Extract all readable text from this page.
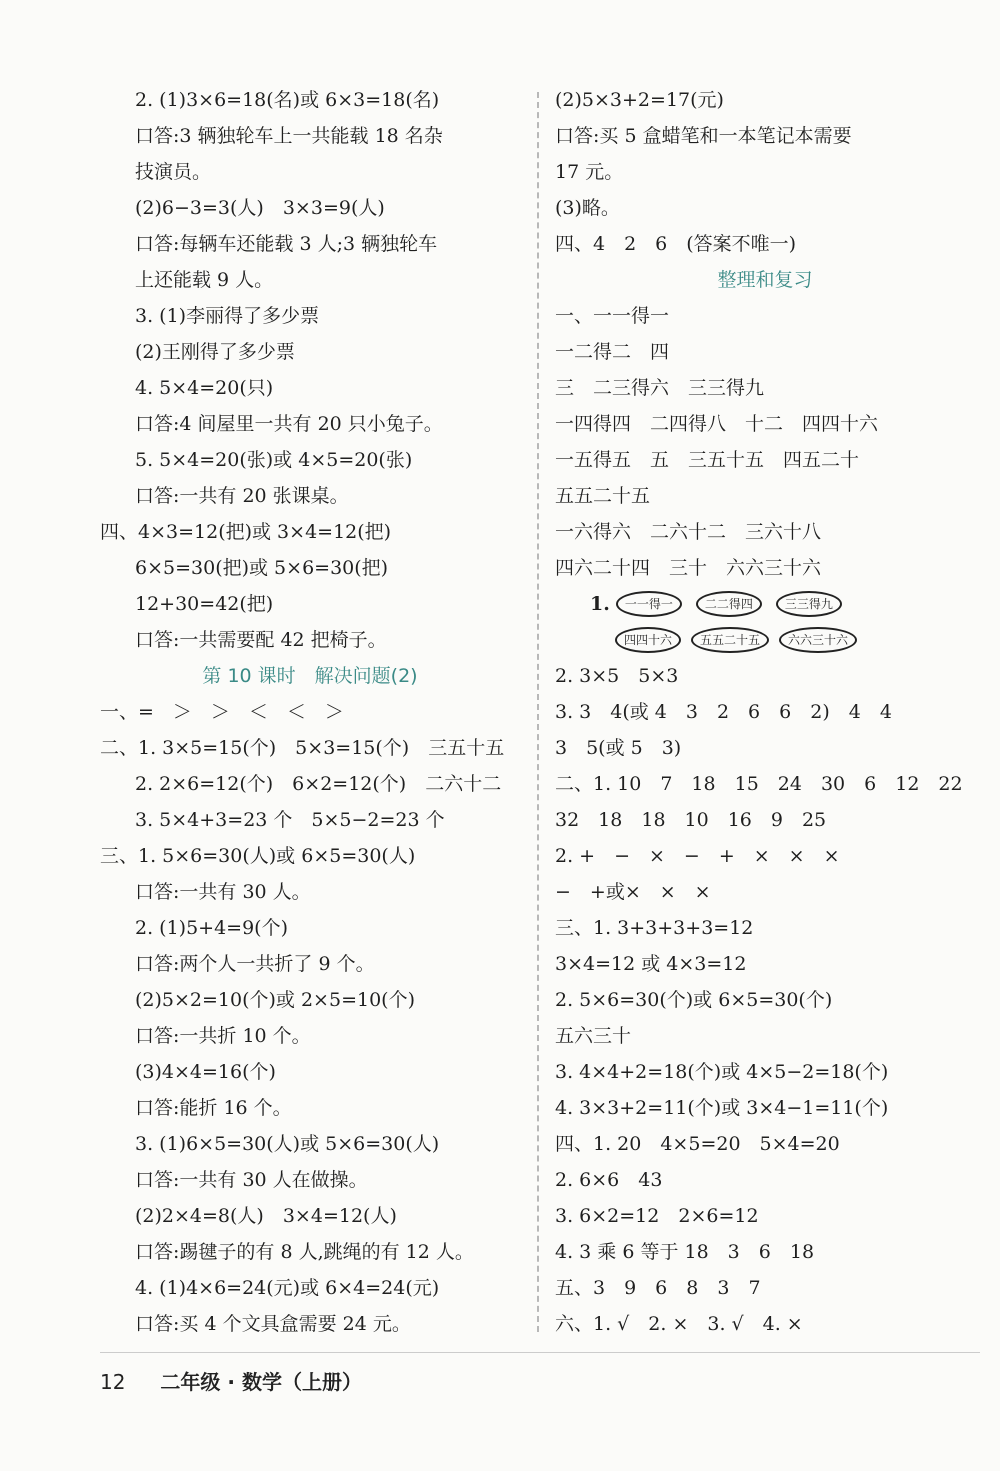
2. (1)3×6=18(名)或 6×3=18(名)
口答:3 辆独轮车上一共能载 18 名杂
技演员。
(2)6−3=3(人)　3×3=9(人)
口答:每辆车还能载 3 人;3 辆独轮车
上还能载 9 人。
3. (1)李丽得了多少票
(2)王刚得了多少票
4. 5×4=20(只)
口答:4 间屋里一共有 20 只小兔子。
5. 5×4=20(张)或 4×5=20(张)
口答:一共有 20 张课桌。
四、4×3=12(把)或 3×4=12(把)
6×5=30(把)或 5×6=30(把)
12+30=42(把)
口答:一共需要配 42 把椅子。
第 10 课时　解决问题(2)
一、=　＞　＞　＜　＜　＞
二、1. 3×5=15(个)　5×3=15(个)　三五十五
2. 2×6=12(个)　6×2=12(个)　二六十二
3. 5×4+3=23 个　5×5−2=23 个
三、1. 5×6=30(人)或 6×5=30(人)
口答:一共有 30 人。
2. (1)5+4=9(个)
口答:两个人一共折了 9 个。
(2)5×2=10(个)或 2×5=10(个)
口答:一共折 10 个。
(3)4×4=16(个)
口答:能折 16 个。
3. (1)6×5=30(人)或 5×6=30(人)
口答:一共有 30 人在做操。
(2)2×4=8(人)　3×4=12(人)
口答:踢毽子的有 8 人,跳绳的有 12 人。
4. (1)4×6=24(元)或 6×4=24(元)
口答:买 4 个文具盒需要 24 元。
(2)5×3+2=17(元)
口答:买 5 盒蜡笔和一本笔记本需要
17 元。
(3)略。
四、4　2　6　(答案不唯一)
整理和复习
一、一一得一
一二得二　四
三　二三得六　三三得九
一四得四　二四得八　十二　四四十六
一五得五　五　三五十五　四五二十
五五二十五
一六得六　二六十二　三六十八
四六二十四　三十　六六三十六
1.	一一得一	二二得四	三三得九
四四十六	五五二十五	六六三十六
2. 3×5　5×3
3. 3　4(或 4　3　2　6　6　2)　4　4
3　5(或 5　3)
二、1. 10　7　18　15　24　30　6　12　22
32　18　18　10　16　9　25
2. +　−　×　−　+　×　×　×
−　+或×　×　×
三、1. 3+3+3+3=12
3×4=12 或 4×3=12
2. 5×6=30(个)或 6×5=30(个)
五六三十
3. 4×4+2=18(个)或 4×5−2=18(个)
4. 3×3+2=11(个)或 3×4−1=11(个)
四、1. 20　4×5=20　5×4=20
2. 6×6　43
3. 6×2=12　2×6=12
4. 3 乘 6 等于 18　3　6　18
五、3　9　6　8　3　7
六、1. √　2. ×　3. √　4. ×
12 二年级 · 数学（上册）
